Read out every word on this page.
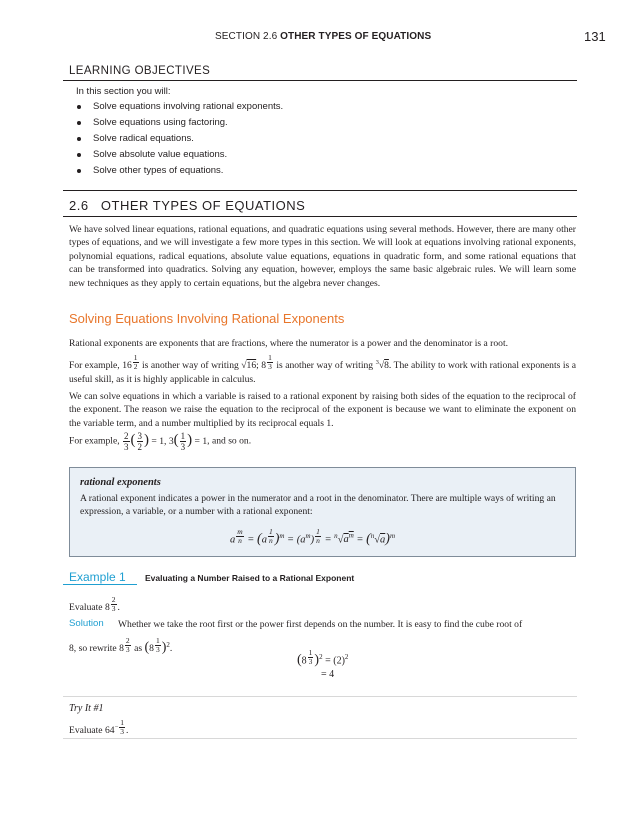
SECTION 2.6 OTHER TYPES OF EQUATIONS	131
LEARNING OBJECTIVES
In this section you will:
Solve equations involving rational exponents.
Solve equations using factoring.
Solve radical equations.
Solve absolute value equations.
Solve other types of equations.
2.6 OTHER TYPES OF EQUATIONS
We have solved linear equations, rational equations, and quadratic equations using several methods. However, there are many other types of equations, and we will investigate a few more types in this section. We will look at equations involving rational exponents, polynomial equations, radical equations, absolute value equations, equations in quadratic form, and some rational equations that can be transformed into quadratics. Solving any equation, however, employs the same basic algebraic rules. We will learn some new techniques as they apply to certain equations, but the algebra never changes.
Solving Equations Involving Rational Exponents
Rational exponents are exponents that are fractions, where the numerator is a power and the denominator is a root.
For example, 16 $^{\frac{1}{2}}$ is another way of writing √16; 8 $^{\frac{1}{3}}$ is another way of writing $^3$√8. The ability to work with rational exponents is a useful skill, as it is highly applicable in calculus.
We can solve equations in which a variable is raised to a rational exponent by raising both sides of the equation to the reciprocal of the exponent. The reason we raise the equation to the reciprocal of the exponent is because we want to eliminate the exponent on the variable term, and a number multiplied by its reciprocal equals 1.
For example, $\frac{2}{3}$ ( $\frac{3}{2}$ ) = 1, $3( \frac{1}{3}$ ) = 1, and so on.
rational exponents
A rational exponent indicates a power in the numerator and a root in the denominator. There are multiple ways of writing an expression, a variable, or a number with a rational exponent:
a $^{\frac{m}{n}}$ = (a $^{\frac{1}{n}}$ )$^m = (a^m) ^{\frac{1}{n}} = ^n√a^m = (^n√a)^m$
Example 1 Evaluating a Number Raised to a Rational Exponent
Evaluate 8 $^{\frac{2}{3}}$ .
Solution Whether we take the root first or the power first depends on the number. It is easy to find the cube root of
8, so rewrite 8 $^{\frac{2}{3}}$ as (8 $^{\frac{1}{3}}$ )$^2$.
(8 $^{\frac{1}{3}}$ )$^2 = (2)^2$
= 4
Try It #1
Evaluate $64^{- \frac{1}{3}}$ .
